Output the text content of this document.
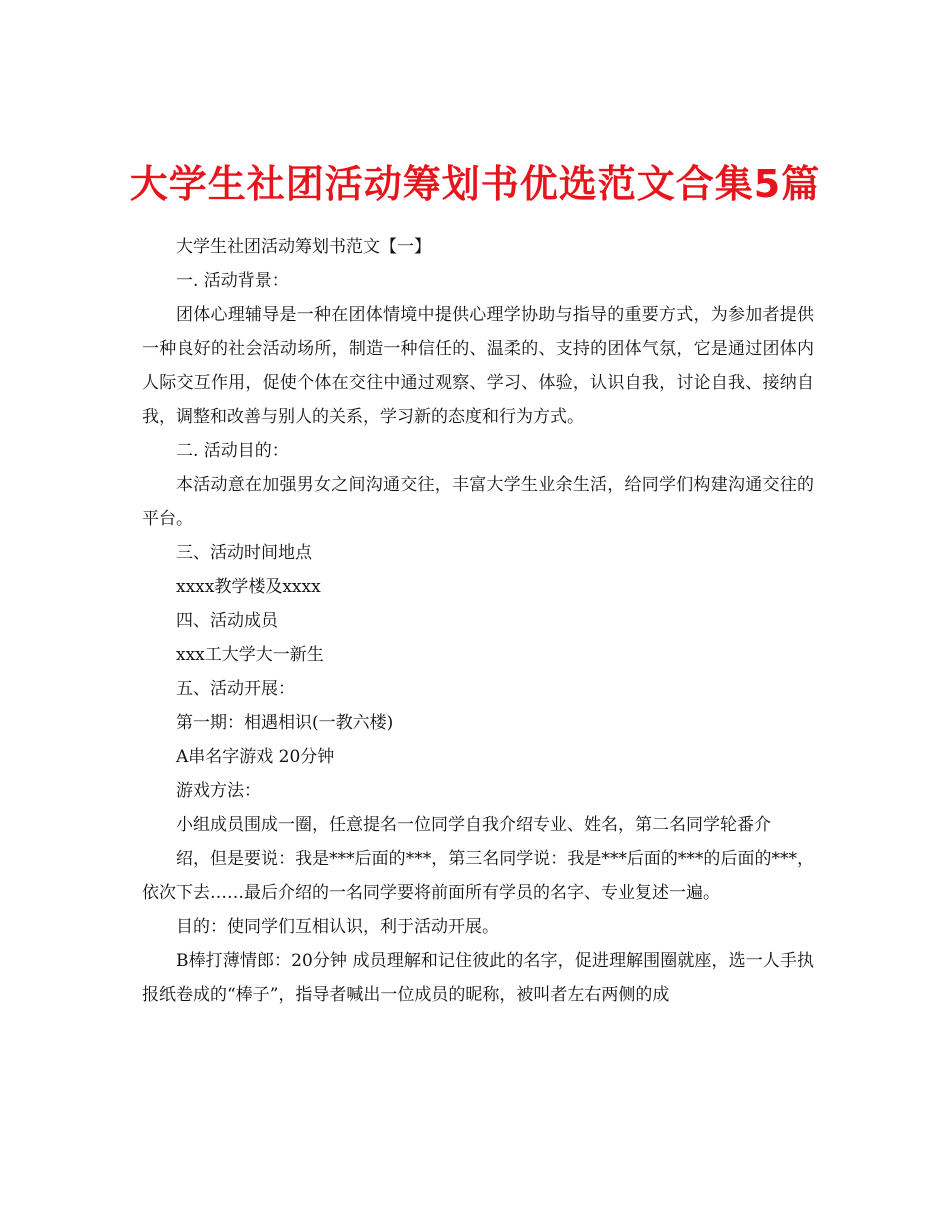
大学生社团活动筹划书优选范文合集5篇

大学生社团活动筹划书范文【一】

一. 活动背景：

团体心理辅导是一种在团体情境中提供心理学协助与指导的重要方式，为参加者提供一种良好的社会活动场所，制造一种信任的、温柔的、支持的团体气氛，它是通过团体内人际交互作用，促使个体在交往中通过观察、学习、体验，认识自我，讨论自我、接纳自我，调整和改善与别人的关系，学习新的态度和行为方式。

二. 活动目的：

本活动意在加强男女之间沟通交往，丰富大学生业余生活，给同学们构建沟通交往的平台。

三、活动时间地点

xxxx教学楼及xxxx

四、活动成员

xxx工大学大一新生

五、活动开展：

第一期：相遇相识(一教六楼)

A串名字游戏 20分钟

游戏方法：

小组成员围成一圈，任意提名一位同学自我介绍专业、姓名，第二名同学轮番介

绍，但是要说：我是***后面的***，第三名同学说：我是***后面的***的后面的***，依次下去……最后介绍的一名同学要将前面所有学员的名字、专业复述一遍。

目的：使同学们互相认识，利于活动开展。

B棒打薄情郎：20分钟 成员理解和记住彼此的名字，促进理解围圈就座，选一人手执报纸卷成的“棒子”，指导者喊出一位成员的昵称，被叫者左右两侧的成
